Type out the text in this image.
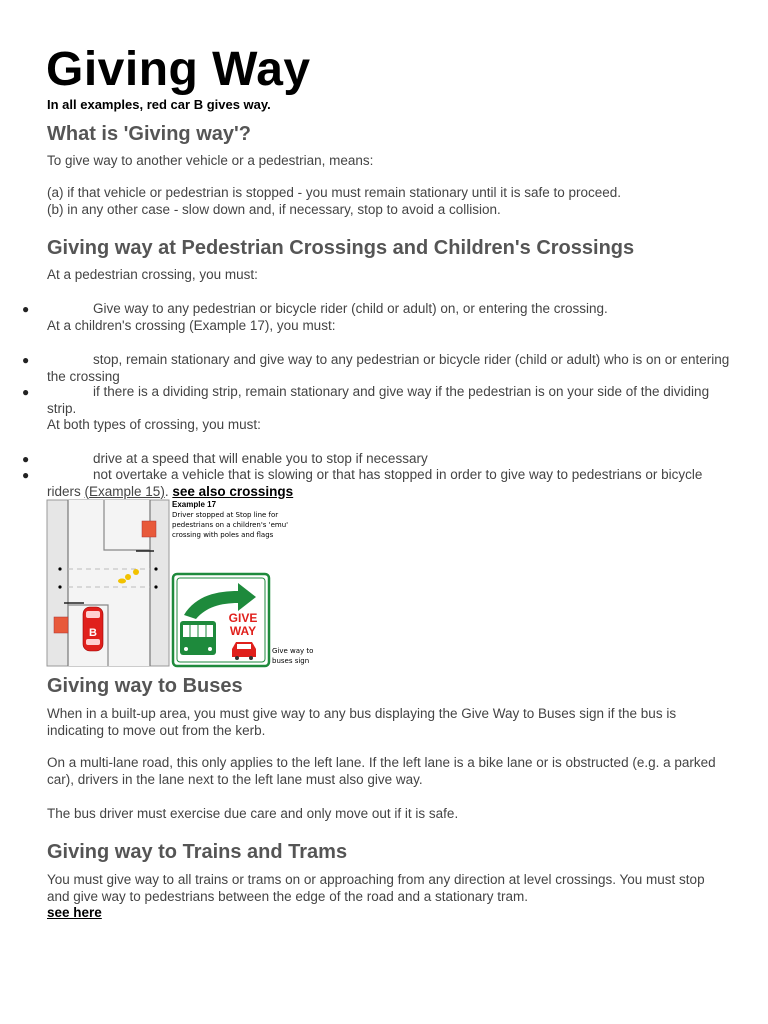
Giving Way
In all examples, red car B gives way.
What is 'Giving way'?
To give way to another vehicle or a pedestrian, means:
(a) if that vehicle or pedestrian is stopped - you must remain stationary until it is safe to proceed.
(b) in any other case - slow down and, if necessary, stop to avoid a collision.
Giving way at Pedestrian Crossings and Children's Crossings
At a pedestrian crossing, you must:
●	Give way to any pedestrian or bicycle rider (child or adult) on, or entering the crossing.
At a children's crossing (Example 17), you must:
●	stop, remain stationary and give way to any pedestrian or bicycle rider (child or adult) who is on or entering the crossing
●	if there is a dividing strip, remain stationary and give way if the pedestrian is on your side of the dividing strip.
At both types of crossing, you must:
●	drive at a speed that will enable you to stop if necessary
●	not overtake a vehicle that is slowing or that has stopped in order to give way to pedestrians or bicycle riders (Example 15). see also crossings
B
Example 17
Driver stopped at Stop line for
pedestrians on a children's 'emu'
crossing with poles and flags
GIVE
WAY
Give way to
buses sign
Giving way to Buses
When in a built-up area, you must give way to any bus displaying the Give Way to Buses sign if the bus is indicating to move out from the kerb.
On a multi-lane road, this only applies to the left lane. If the left lane is a bike lane or is obstructed (e.g. a parked car), drivers in the lane next to the left lane must also give way.
The bus driver must exercise due care and only move out if it is safe.
Giving way to Trains and Trams
You must give way to all trains or trams on or approaching from any direction at level crossings. You must stop and give way to pedestrians between the edge of the road and a stationary tram.
see here
